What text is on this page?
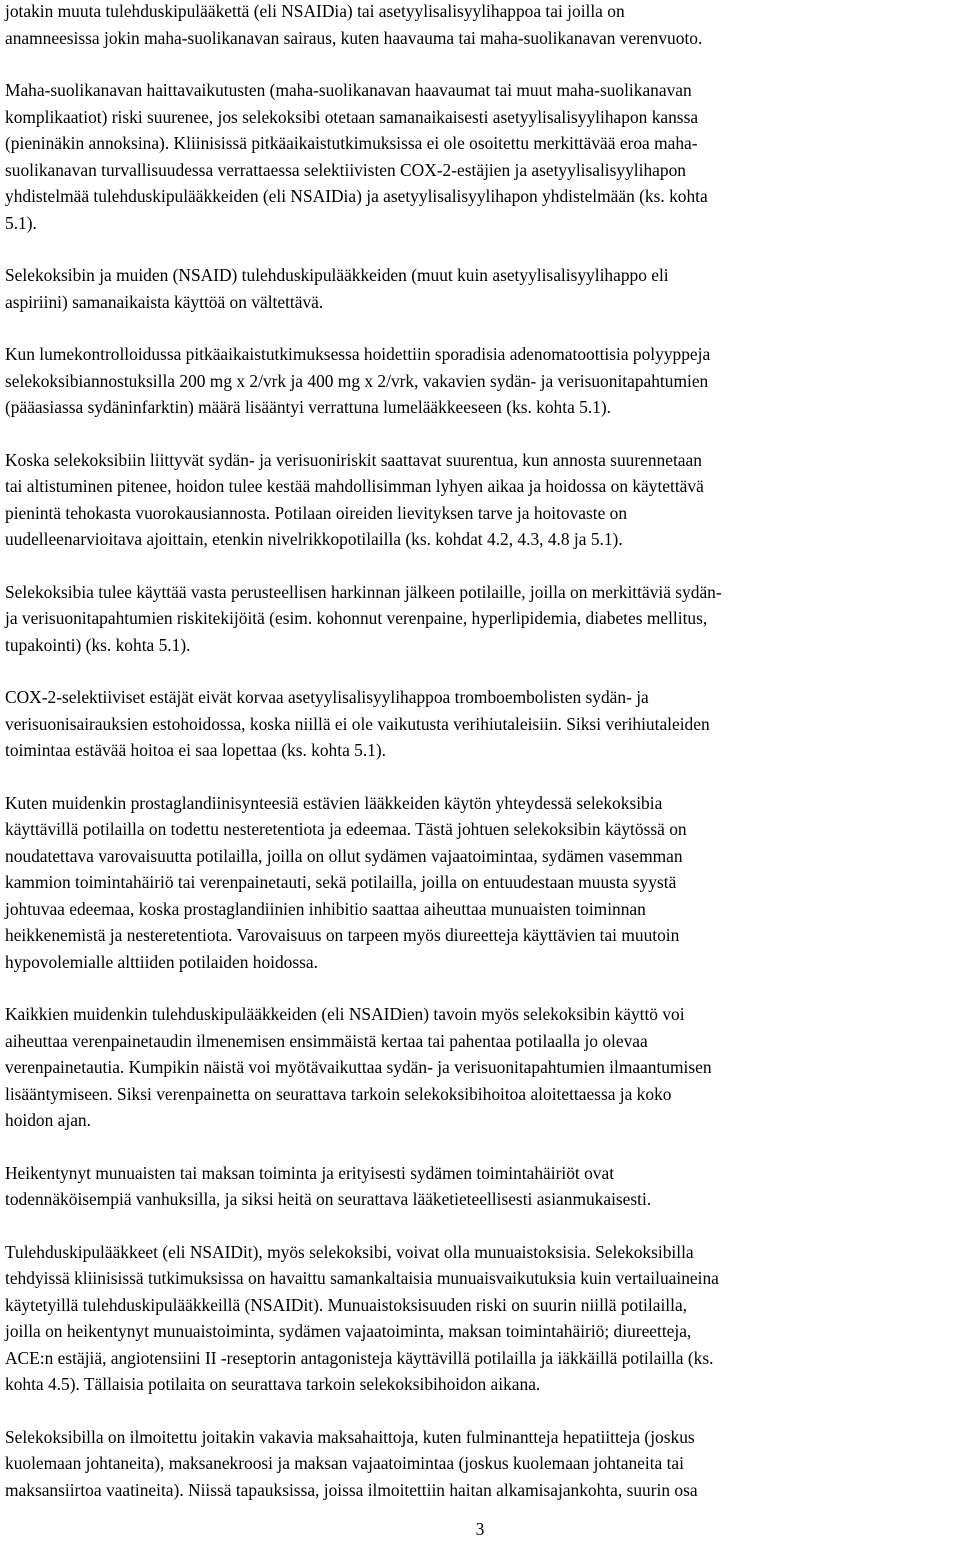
jotakin muuta tulehduskipulääkettä (eli NSAIDia) tai asetyylisalisyylihappoa tai joilla on
anamneesissa jokin maha-suolikanavan sairaus, kuten haavauma tai maha-suolikanavan verenvuoto.

Maha-suolikanavan haittavaikutusten (maha-suolikanavan haavaumat tai muut maha-suolikanavan
komplikaatiot) riski suurenee, jos selekoksibi otetaan samanaikaisesti asetyylisalisyylihapon kanssa
(pieninäkin annoksina). Kliinisissä pitkäaikaistutkimuksissa ei ole osoitettu merkittävää eroa maha-
suolikanavan turvallisuudessa verrattaessa selektiivisten COX-2-estäjien ja asetyylisalisyylihapon
yhdistelmää tulehduskipulääkkeiden (eli NSAIDia) ja asetyylisalisyylihapon yhdistelmään (ks. kohta
5.1).

Selekoksibin ja muiden (NSAID) tulehduskipulääkkeiden (muut kuin asetyylisalisyylihappo eli
aspiriini) samanaikaista käyttöä on vältettävä.

Kun lumekontrolloidussa pitkäaikaistutkimuksessa hoidettiin sporadisia adenomatoottisia polyyppeja
selekoksibiannostuksilla 200 mg x 2/vrk ja 400 mg x 2/vrk, vakavien sydän- ja verisuonitapahtumien
(pääasiassa sydäninfarktin) määrä lisääntyi verrattuna lumelääkkeeseen (ks. kohta 5.1).

Koska selekoksibiin liittyvät sydän- ja verisuoniriskit saattavat suurentua, kun annosta suurennetaan
tai altistuminen pitenee, hoidon tulee kestää mahdollisimman lyhyen aikaa ja hoidossa on käytettävä
pienintä tehokasta vuorokausiannosta. Potilaan oireiden lievityksen tarve ja hoitovaste on
uudelleenarvioitava ajoittain, etenkin nivelrikkopotilailla (ks. kohdat 4.2, 4.3, 4.8 ja 5.1).

Selekoksibia tulee käyttää vasta perusteellisen harkinnan jälkeen potilaille, joilla on merkittäviä sydän-
ja verisuonitapahtumien riskitekijöitä (esim. kohonnut verenpaine, hyperlipidemia, diabetes mellitus,
tupakointi) (ks. kohta 5.1).

COX-2-selektiiviset estäjät eivät korvaa asetyylisalisyylihappoa tromboembolisten sydän- ja
verisuonisairauksien estohoidossa, koska niillä ei ole vaikutusta verihiutaleisiin. Siksi verihiutaleiden
toimintaa estävää hoitoa ei saa lopettaa (ks. kohta 5.1).

Kuten muidenkin prostaglandiinisynteesiä estävien lääkkeiden käytön yhteydessä selekoksibia
käyttävillä potilailla on todettu nesteretentiota ja edeemaa. Tästä johtuen selekoksibin käytössä on
noudatettava varovaisuutta potilailla, joilla on ollut sydämen vajaatoimintaa, sydämen vasemman
kammion toimintahäiriö tai verenpainetauti, sekä potilailla, joilla on entuudestaan muusta syystä
johtuvaa edeemaa, koska prostaglandiinien inhibitio saattaa aiheuttaa munuaisten toiminnan
heikkenemistä ja nesteretentiota. Varovaisuus on tarpeen myös diureetteja käyttävien tai muutoin
hypovolemialle alttiiden potilaiden hoidossa.

Kaikkien muidenkin tulehduskipulääkkeiden (eli NSAIDien) tavoin myös selekoksibin käyttö voi
aiheuttaa verenpainetaudin ilmenemisen ensimmäistä kertaa tai pahentaa potilaalla jo olevaa
verenpainetautia. Kumpikin näistä voi myötävaikuttaa sydän- ja verisuonitapahtumien ilmaantumisen
lisääntymiseen. Siksi verenpainetta on seurattava tarkoin selekoksibihoitoa aloitettaessa ja koko
hoidon ajan.

Heikentynyt munuaisten tai maksan toiminta ja erityisesti sydämen toimintahäiriöt ovat
todennäköisempiä vanhuksilla, ja siksi heitä on seurattava lääketieteellisesti asianmukaisesti.

Tulehduskipulääkkeet (eli NSAIDit), myös selekoksibi, voivat olla munuaistoksisia. Selekoksibilla
tehdyissä kliinisissä tutkimuksissa on havaittu samankaltaisia munuaisvaikutuksia kuin vertailuaineina
käytetyillä tulehduskipulääkkeillä (NSAIDit). Munuaistoksisuuden riski on suurin niillä potilailla,
joilla on heikentynyt munuaistoiminta, sydämen vajaatoiminta, maksan toimintahäiriö; diureetteja,
ACE:n estäjiä, angiotensiini II -reseptorin antagonisteja käyttävillä potilailla ja iäkkäillä potilailla (ks.
kohta 4.5). Tällaisia potilaita on seurattava tarkoin selekoksibihoidon aikana.

Selekoksibilla on ilmoitettu joitakin vakavia maksahaittoja, kuten fulminantteja hepatiitteja (joskus
kuolemaan johtaneita), maksanekroosi ja maksan vajaatoimintaa (joskus kuolemaan johtaneita tai
maksansiirtoa vaatineita). Niissä tapauksissa, joissa ilmoitettiin haitan alkamisajankohta, suurin osa

3
